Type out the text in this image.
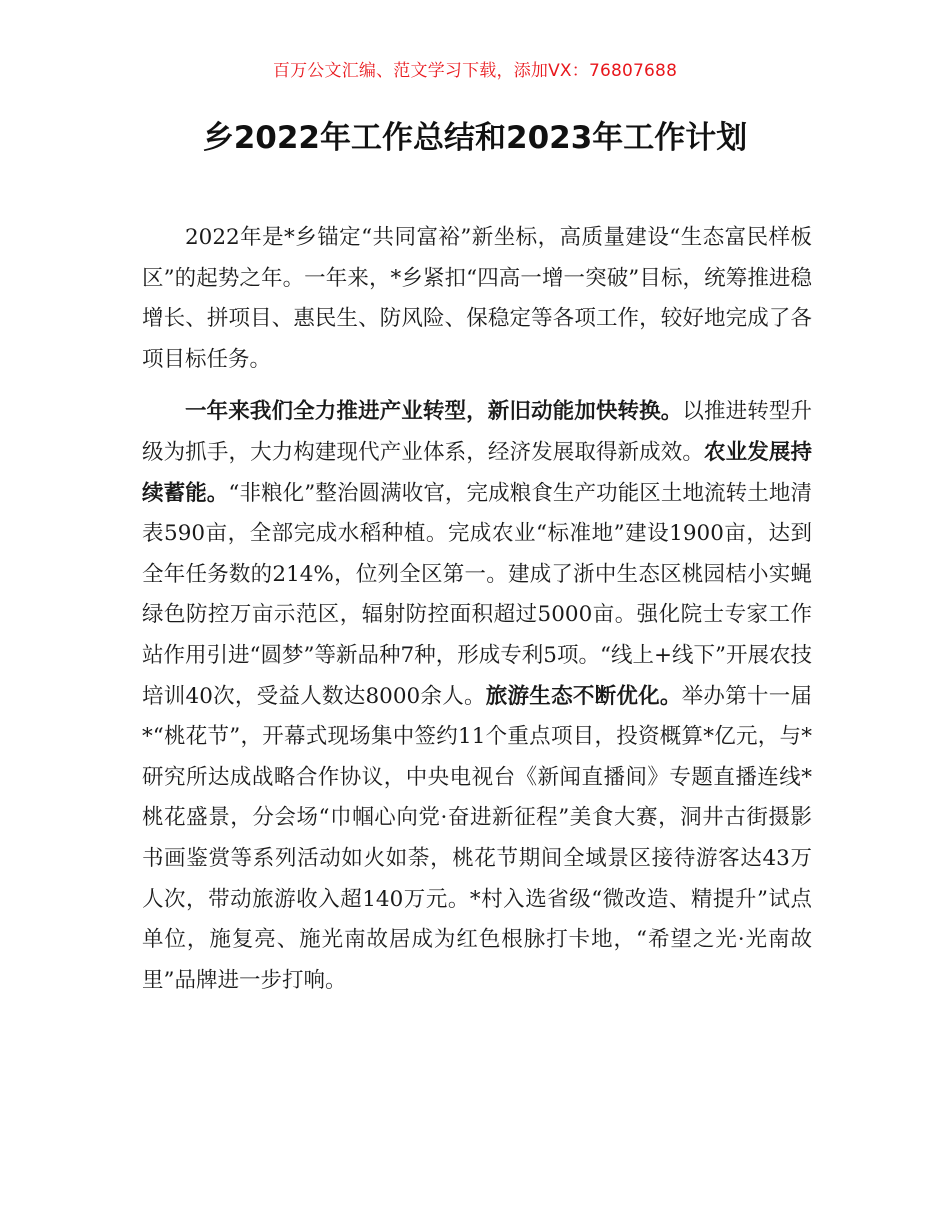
百万公文汇编、范文学习下载，添加VX：76807688
乡2022年工作总结和2023年工作计划

2022年是*乡锚定“共同富裕”新坐标，高质量建设“生态富民样板区”的起势之年。一年来，*乡紧扣“四高一增一突破”目标，统筹推进稳增长、拼项目、惠民生、防风险、保稳定等各项工作，较好地完成了各项目标任务。

一年来我们全力推进产业转型，新旧动能加快转换。以推进转型升级为抓手，大力构建现代产业体系，经济发展取得新成效。农业发展持续蓄能。“非粮化”整治圆满收官，完成粮食生产功能区土地流转土地清表590亩，全部完成水稻种植。完成农业“标准地”建设1900亩，达到全年任务数的214%，位列全区第一。建成了浙中生态区桃园桔小实蝇绿色防控万亩示范区，辐射防控面积超过5000亩。强化院士专家工作站作用引进“圆梦”等新品种7种，形成专利5项。“线上+线下”开展农技培训40次，受益人数达8000余人。旅游生态不断优化。举办第十一届*“桃花节”，开幕式现场集中签约11个重点项目，投资概算*亿元，与*研究所达成战略合作协议，中央电视台《新闻直播间》专题直播连线*桃花盛景，分会场“巾帼心向党·奋进新征程”美食大赛，洞井古街摄影书画鉴赏等系列活动如火如荼，桃花节期间全域景区接待游客达43万人次，带动旅游收入超140万元。*村入选省级“微改造、精提升”试点单位，施复亮、施光南故居成为红色根脉打卡地，“希望之光·光南故里”品牌进一步打响。
